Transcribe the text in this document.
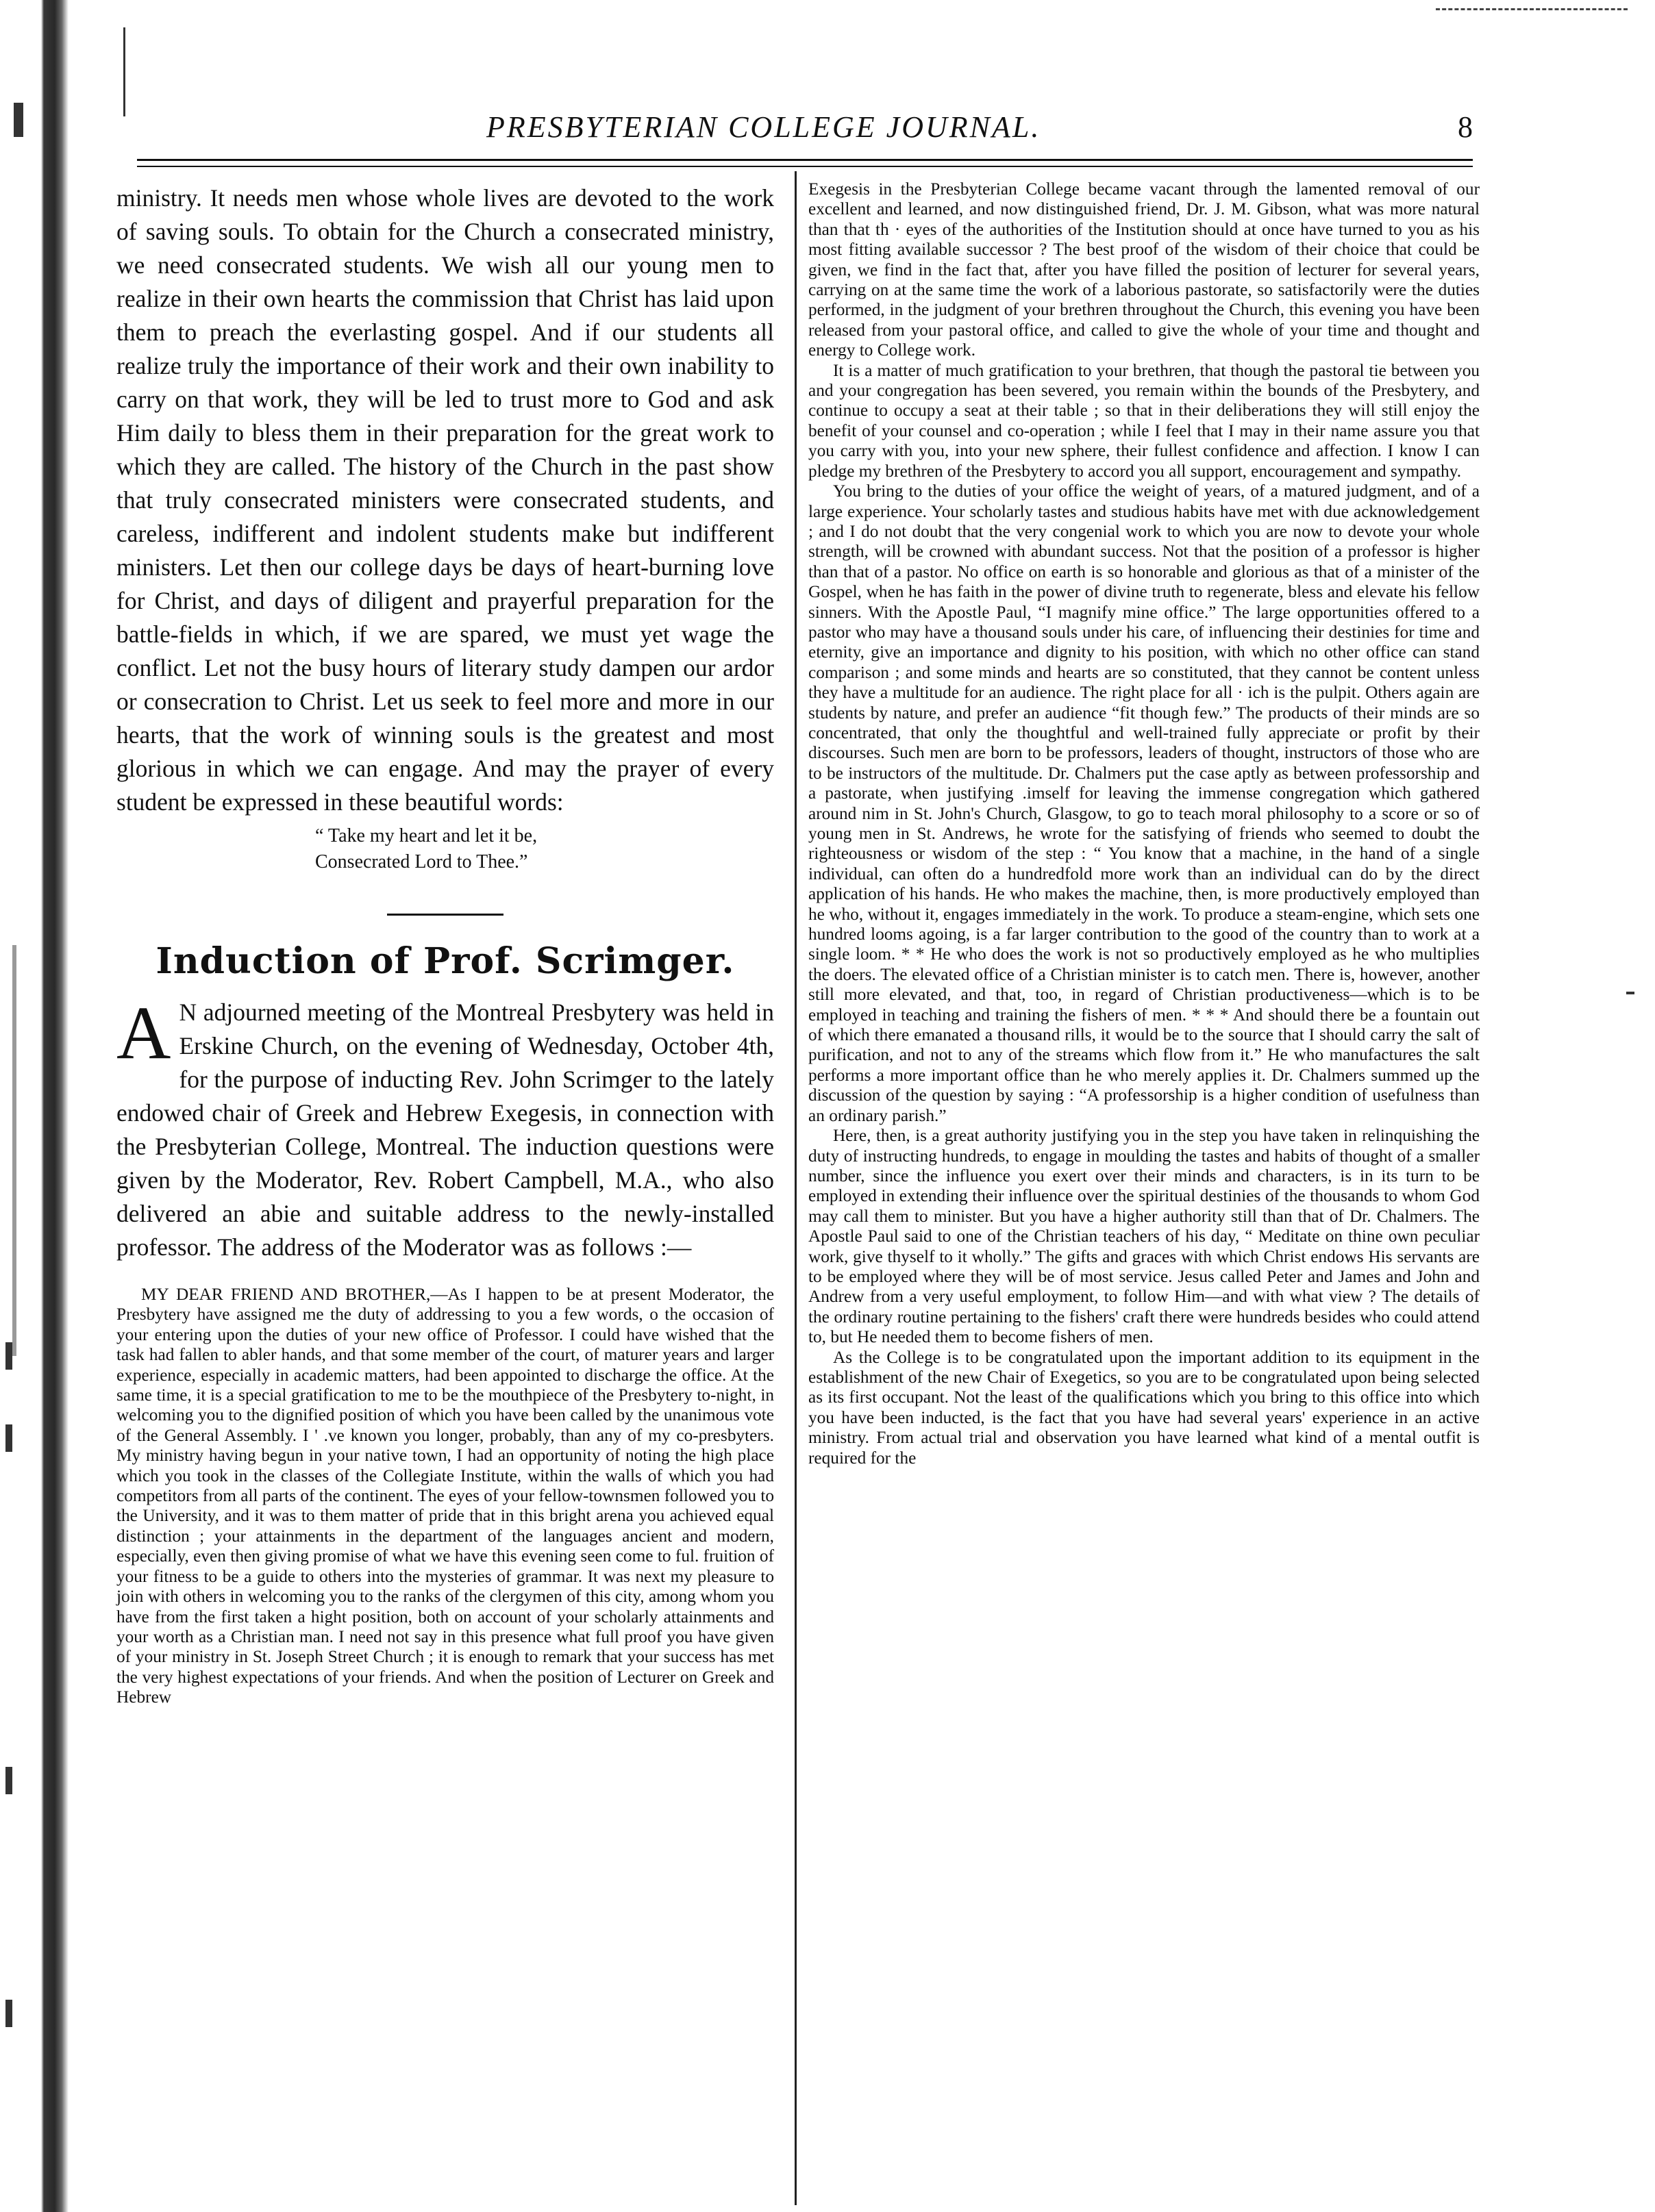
PRESBYTERIAN COLLEGE JOURNAL.	8

ministry. It needs men whose whole lives are devoted to the work of saving souls. To obtain for the Church a consecrated ministry, we need consecrated students. We wish all our young men to realize in their own hearts the commission that Christ has laid upon them to preach the everlasting gospel. And if our students all realize truly the importance of their work and their own inability to carry on that work, they will be led to trust more to God and ask Him daily to bless them in their preparation for the great work to which they are called. The history of the Church in the past show that truly consecrated ministers were consecrated students, and careless, indifferent and indolent students make but indifferent ministers. Let then our college days be days of heart-burning love for Christ, and days of diligent and prayerful preparation for the battle-fields in which, if we are spared, we must yet wage the conflict. Let not the busy hours of literary study dampen our ardor or consecration to Christ. Let us seek to feel more and more in our hearts, that the work of winning souls is the greatest and most glorious in which we can engage. And may the prayer of every student be expressed in these beautiful words:

“ Take my heart and let it be,
Consecrated Lord to Thee.”
Induction of Prof. Scrimger.

A N adjourned meeting of the Montreal Presbytery was held in Erskine Church, on the evening of Wednesday, October 4th, for the purpose of inducting Rev. John Scrimger to the lately endowed chair of Greek and Hebrew Exegesis, in connection with the Presbyterian College, Montreal. The induction questions were given by the Moderator, Rev. Robert Campbell, M.A., who also delivered an abie and suitable address to the newly-installed professor. The address of the Moderator was as follows :—

MY DEAR FRIEND AND BROTHER,—As I happen to be at present Moderator, the Presbytery have assigned me the duty of addressing to you a few words, o the occasion of your entering upon the duties of your new office of Professor. I could have wished that the task had fallen to abler hands, and that some member of the court, of maturer years and larger experience, especially in academic matters, had been appointed to discharge the office. At the same time, it is a special gratification to me to be the mouthpiece of the Presbytery to-night, in welcoming you to the dignified position of which you have been called by the unanimous vote of the General Assembly. I ' .ve known you longer, probably, than any of my co-presbyters. My ministry having begun in your native town, I had an opportunity of noting the high place which you took in the classes of the Collegiate Institute, within the walls of which you had competitors from all parts of the continent. The eyes of your fellow-townsmen followed you to the University, and it was to them matter of pride that in this bright arena you achieved equal distinction ; your attainments in the department of the languages ancient and modern, especially, even then giving promise of what we have this evening seen come to ful. fruition of your fitness to be a guide to others into the mysteries of grammar. It was next my pleasure to join with others in welcoming you to the ranks of the clergymen of this city, among whom you have from the first taken a hight position, both on account of your scholarly attainments and your worth as a Christian man. I need not say in this presence what full proof you have given of your ministry in St. Joseph Street Church ; it is enough to remark that your success has met the very highest expectations of your friends. And when the position of Lecturer on Greek and Hebrew

Exegesis in the Presbyterian College became vacant through the lamented removal of our excellent and learned, and now distinguished friend, Dr. J. M. Gibson, what was more natural than that th · eyes of the authorities of the Institution should at once have turned to you as his most fitting available successor ? The best proof of the wisdom of their choice that could be given, we find in the fact that, after you have filled the position of lecturer for several years, carrying on at the same time the work of a laborious pastorate, so satisfactorily were the duties performed, in the judgment of your brethren throughout the Church, this evening you have been released from your pastoral office, and called to give the whole of your time and thought and energy to College work.

It is a matter of much gratification to your brethren, that though the pastoral tie between you and your congregation has been severed, you remain within the bounds of the Presbytery, and continue to occupy a seat at their table ; so that in their deliberations they will still enjoy the benefit of your counsel and co-operation ; while I feel that I may in their name assure you that you carry with you, into your new sphere, their fullest confidence and affection. I know I can pledge my brethren of the Presbytery to accord you all support, encouragement and sympathy.

You bring to the duties of your office the weight of years, of a matured judgment, and of a large experience. Your scholarly tastes and studious habits have met with due acknowledgement ; and I do not doubt that the very congenial work to which you are now to devote your whole strength, will be crowned with abundant success. Not that the position of a professor is higher than that of a pastor. No office on earth is so honorable and glorious as that of a minister of the Gospel, when he has faith in the power of divine truth to regenerate, bless and elevate his fellow sinners. With the Apostle Paul, “I magnify mine office.” The large opportunities offered to a pastor who may have a thousand souls under his care, of influencing their destinies for time and eternity, give an importance and dignity to his position, with which no other office can stand comparison ; and some minds and hearts are so constituted, that they cannot be content unless they have a multitude for an audience. The right place for all · ich is the pulpit. Others again are students by nature, and prefer an audience “fit though few.” The products of their minds are so concentrated, that only the thoughtful and well-trained fully appreciate or profit by their discourses. Such men are born to be professors, leaders of thought, instructors of those who are to be instructors of the multitude. Dr. Chalmers put the case aptly as between professorship and a pastorate, when justifying .imself for leaving the immense congregation which gathered around nim in St. John's Church, Glasgow, to go to teach moral philosophy to a score or so of young men in St. Andrews, he wrote for the satisfying of friends who seemed to doubt the righteousness or wisdom of the step : “ You know that a machine, in the hand of a single individual, can often do a hundredfold more work than an individual can do by the direct application of his hands. He who makes the machine, then, is more productively employed than he who, without it, engages immediately in the work. To produce a steam-engine, which sets one hundred looms agoing, is a far larger contribution to the good of the country than to work at a single loom. * * He who does the work is not so productively employed as he who multiplies the doers. The elevated office of a Christian minister is to catch men. There is, however, another still more elevated, and that, too, in regard of Christian productiveness—which is to be employed in teaching and training the fishers of men. * * * And should there be a fountain out of which there emanated a thousand rills, it would be to the source that I should carry the salt of purification, and not to any of the streams which flow from it.” He who manufactures the salt performs a more important office than he who merely applies it. Dr. Chalmers summed up the discussion of the question by saying : “A professorship is a higher condition of usefulness than an ordinary parish.”

Here, then, is a great authority justifying you in the step you have taken in relinquishing the duty of instructing hundreds, to engage in moulding the tastes and habits of thought of a smaller number, since the influence you exert over their minds and characters, is in its turn to be employed in extending their influence over the spiritual destinies of the thousands to whom God may call them to minister. But you have a higher authority still than that of Dr. Chalmers. The Apostle Paul said to one of the Christian teachers of his day, “ Meditate on thine own peculiar work, give thyself to it wholly.” The gifts and graces with which Christ endows His servants are to be employed where they will be of most service. Jesus called Peter and James and John and Andrew from a very useful employment, to follow Him—and with what view ? The details of the ordinary routine pertaining to the fishers' craft there were hundreds besides who could attend to, but He needed them to become fishers of men.

As the College is to be congratulated upon the important addition to its equipment in the establishment of the new Chair of Exegetics, so you are to be congratulated upon being selected as its first occupant. Not the least of the qualifications which you bring to this office into which you have been inducted, is the fact that you have had several years' experience in an active ministry. From actual trial and observation you have learned what kind of a mental outfit is required for the
